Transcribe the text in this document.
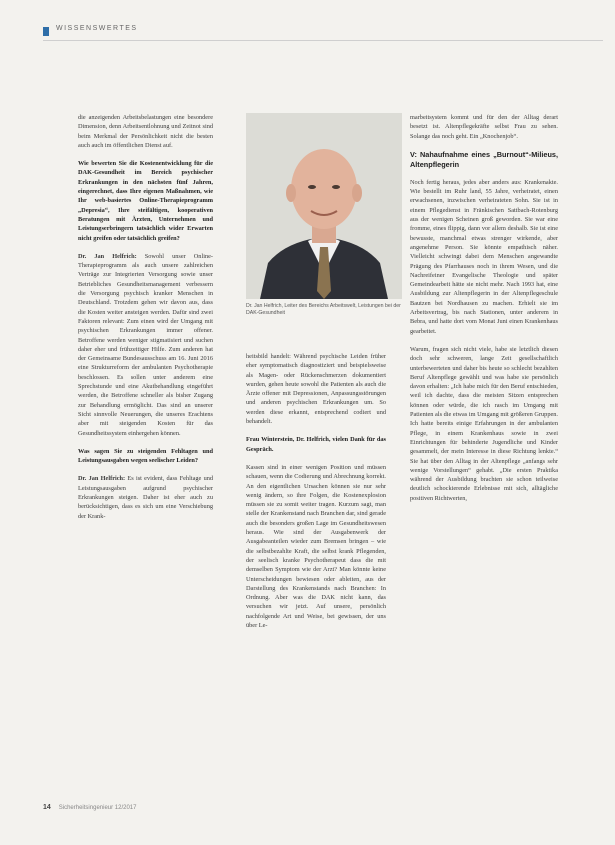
WISSENSWERTES

die anzeigenden Arbeitsbelastungen eine besondere Dimension, denn Arbeitsentlohnung und Zeitnot sind beim Merkmal der Persönlichkeit nicht die besten auch auch im öffentlichen Dienst auf.

Wie bewerten Sie die Kostenentwicklung für die DAK-Gesundheit im Bereich psychischer Erkrankungen in den nächsten fünf Jahren, eingerechnet, dass Ihre eigenen Maßnahmen, wie Ihr web-basiertes Online-Therapieprogramm „Depresia“, Ihre steifältigen, kooperativen Beratungen mit Ärzten, Unternehmen und Leistungserbringern tatsächlich wider Erwarten nicht greifen oder tatsächlich greifen?

Dr. Jan Helfrich: Sowohl unser Online-Therapieprogramm als auch unsere zahlreichen Verträge zur Integrierten Versorgung sowie unser Betriebliches Gesundheitsmanagement verbessern die Versorgung psychisch kranker Menschen in Deutschland. Trotzdem gehen wir davon aus, dass die Kosten weiter ansteigen werden. Dafür sind zwei Faktoren relevant: Zum einen wird der Umgang mit psychischen Erkrankungen immer offener. Betroffene werden weniger stigmatisiert und suchen daher eher und frühzeitiger Hilfe. Zum anderen hat der Gemeinsame Bundesausschuss am 16. Juni 2016 eine Strukturreform der ambulanten Psychotherapie beschlossen. Es sollen unter anderem eine Sprechstunde und eine Akutbehandlung eingeführt werden, die Betroffene schneller als bisher Zugang zur Behandlung ermöglicht. Das sind an unserer Sicht sinnvolle Neuerungen, die unseres Erachtens aber mit steigenden Kosten für das Gesundheitssystem einhergehen können.

Was sagen Sie zu steigenden Fehltagen und Leistungsausgaben wegen seelischer Leiden?

Dr. Jan Helfrich: Es ist evident, dass Fehltage und Leistungsausgaben aufgrund psychischer Erkrankungen steigen. Daher ist eher auch zu berücksichtigen, dass es sich um eine Verschiebung der Krank-

Dr. Jan Helfrich, Leiter des Bereichs Arbeitswelt, Leistungen bei der DAK-Gesundheit

heitsbild handelt: Während psychische Leiden früher eher symptomatisch diagnostiziert und beispielsweise als Magen- oder Rückenschmerzen dokumentiert wurden, gehen heute sowohl die Patienten als auch die Ärzte offener mit Depressionen, Anpassungsstörungen und anderen psychischen Erkrankungen um. So werden diese erkannt, entsprechend codiert und behandelt.

Frau Winterstein, Dr. Helfrich, vielen Dank für das Gespräch.

Kassen sind in einer wenigen Position und müssen schauen, wenn die Codierung und Abrechnung korrekt. An den eigentlichen Ursachen können sie nur sehr wenig ändern, so ihre Folgen, die Kostenexplosion müssen sie zu somit weiter tragen. Kurzum sagt, man stelle der Krankenstand nach Branchen dar, sind gerade auch die besonders großen Lage im Gesundheitswesen heraus. Wie sind der Ausgabenwerk der Ausgabeanteilen wieder zum Bremsen bringen – wie die selbstbezahlte Kraft, die selbst krank Pflegenden, der seelisch kranke Psychotherapeut dass die mit demselben Symptom wie der Arzt? Man könnte keine Unterscheidungen bewiesen oder ableiten, aus der Darstellung des Krankenstands nach Branchen: In Ordnung. Aber was die DAK nicht kann, das versuchen wir jetzt. Auf unsere, persönlich nachfolgende Art und Weise, bei gewissen, der uns über Le-

marbeitsystem kommt und für den der Alltag derart besetzt ist. Altenpflegekräfte selbst Frau zu sehen. Solange das noch geht. Ein „Knochenjob“.

V: Nahaufnahme eines „Burnout“-Milieus, Altenpflegerin

Noch fertig heraus, jedes aber anders aus: Krankenakte. Wie bestellt im Ruhr land, 55 Jahre, verheiratet, einen erwachsenen, inzwischen verheirateten Sohn. Sie ist in einem Pflegedienst in Fränkischen Sattbach-Rotenburg aus der wenigen Scheinen groß geworden. Sie war eine fromme, eines flippig, dann vor allem deshalb. Sie ist eine bewusste, manchmal etwas strenger wirkende, aber angenehme Person. Sie könnte empathisch näher. Vielleicht schwingt dabei dem Menschen angewandte Prägung des Pfarrhauses noch in ihrem Wesen, und die Nachreifeiner Evangelische Theologie und später Gemeindearbeit hätte sie nicht mehr. Nach 1993 hat, eine Ausbildung zur Altenpflegerin in der Altenpflegeschule Bautzen bei Nordhausen zu machen. Erhielt sie im Arbeitsvertrag, bis nach Stationen, unter anderem in Bebra, und hatte dort vom Monat Juni einen Krankenhaus gearbeitet.

Warum, fragen sich nicht viele, habe sie letztlich diesen doch sehr schweren, lange Zeit gesellschaftlich unterbewerteten und daher bis heute so schlecht bezahlten Beruf Altenpflege gewählt und was habe sie persönlich davon erhalten: „Ich habe mich für den Beruf entschieden, weil ich dachte, dass die meisten Sitzen entsprechen können oder würde, die ich rasch im Umgang mit Patienten als die etwas im Umgang mit größeren Gruppen. Ich hatte bereits einige Erfahrungen in der ambulanten Pflege, in einem Krankenhaus sowie in zwei Einrichtungen für behinderte Jugendliche und Kinder gesammelt, der mein Interesse in diese Richtung lenkte.“ Sie hat über den Alltag in der Altenpflege „anfangs sehr wenige Vorstellungen“ gehabt. „Die ersten Praktika während der Ausbildung brachten sie schon teilweise deutlich schockierende Erlebnisse mit sich, alltägliche positiven Richtwerten,

14 Sicherheitsingenieur 12/2017
